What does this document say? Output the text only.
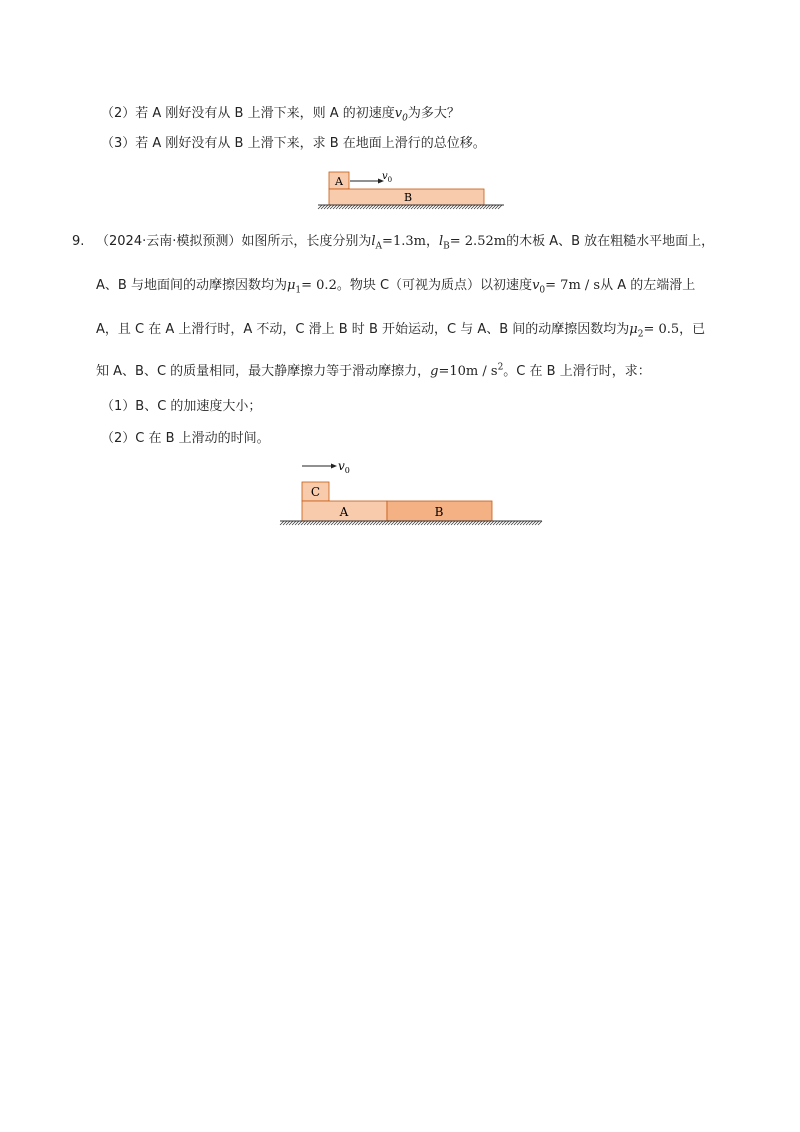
（2）若 A 刚好没有从 B 上滑下来，则 A 的初速度$v_0$为多大？
（3）若 A 刚好没有从 B 上滑下来，求 B 在地面上滑行的总位移。
A	$v_0$
B
9. （2024·云南·模拟预测）如图所示，长度分别为$l_A=1.3m$，$l_B= 2.52m$的木板 A、B 放在粗糙水平地面上，
A、B 与地面间的动摩擦因数均为$\mu_1= 0.2$。物块 C（可视为质点）以初速度$v_0= 7m / s$从 A 的左端滑上
A，且 C 在 A 上滑行时，A 不动，C 滑上 B 时 B 开始运动，C 与 A、B 间的动摩擦因数均为$\mu_2= 0.5$，已
知 A、B、C 的质量相同，最大静摩擦力等于滑动摩擦力，$g=10m / s^2$。C 在 B 上滑行时，求：
（1）B、C 的加速度大小；
（2）C 在 B 上滑动的时间。
$v_0$
C
A	B
